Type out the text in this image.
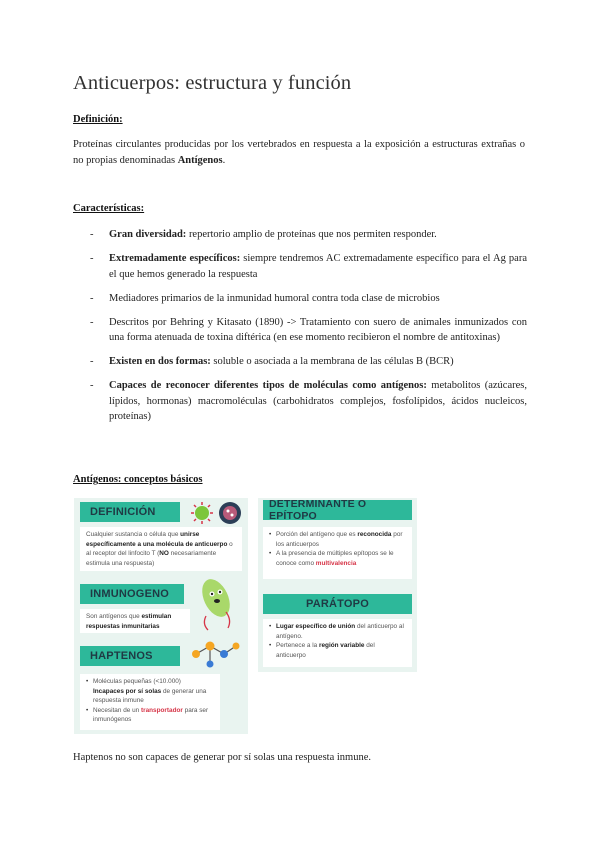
Anticuerpos: estructura y función
Definición:

Proteínas circulantes producidas por los vertebrados en respuesta a la exposición a estructuras extrañas o no propias denominadas Antígenos.

Características:
- Gran diversidad: repertorio amplio de proteínas que nos permiten responder.
- Extremadamente específicos: siempre tendremos AC extremadamente específico para el Ag para el que hemos generado la respuesta
- Mediadores primarios de la inmunidad humoral contra toda clase de microbios
- Descritos por Behring y Kitasato (1890) -> Tratamiento con suero de animales inmunizados con una forma atenuada de toxina diftérica (en ese momento recibieron el nombre de antitoxinas)
- Existen en dos formas: soluble o asociada a la membrana de las células B (BCR)
- Capaces de reconocer diferentes tipos de moléculas como antígenos: metabolitos (azúcares, lípidos, hormonas) macromoléculas (carbohidratos complejos, fosfolípidos, ácidos nucleicos, proteínas)
Antígenos: conceptos básicos
DEFINICIÓN
Cualquier sustancia o célula que unirse específicamente a una molécula de anticuerpo o al receptor del linfocito T (NO necesariamente estimula una respuesta)
INMUNOGENO
Son antígenos que estimulan respuestas inmunitarias
HAPTENOS
• Moléculas pequeñas (<10.000)
Incapaces por sí solas de generar una respuesta inmune
• Necesitan de un transportador para ser inmunógenos
DETERMINANTE O EPÍTOPO
• Porción del antígeno que es reconocida por los anticuerpos
• A la presencia de múltiples epítopos se le conoce como multivalencia
PARÁTOPO
• Lugar específico de unión del anticuerpo al antígeno.
• Pertenece a la región variable del anticuerpo

Haptenos no son capaces de generar por sí solas una respuesta inmune.
